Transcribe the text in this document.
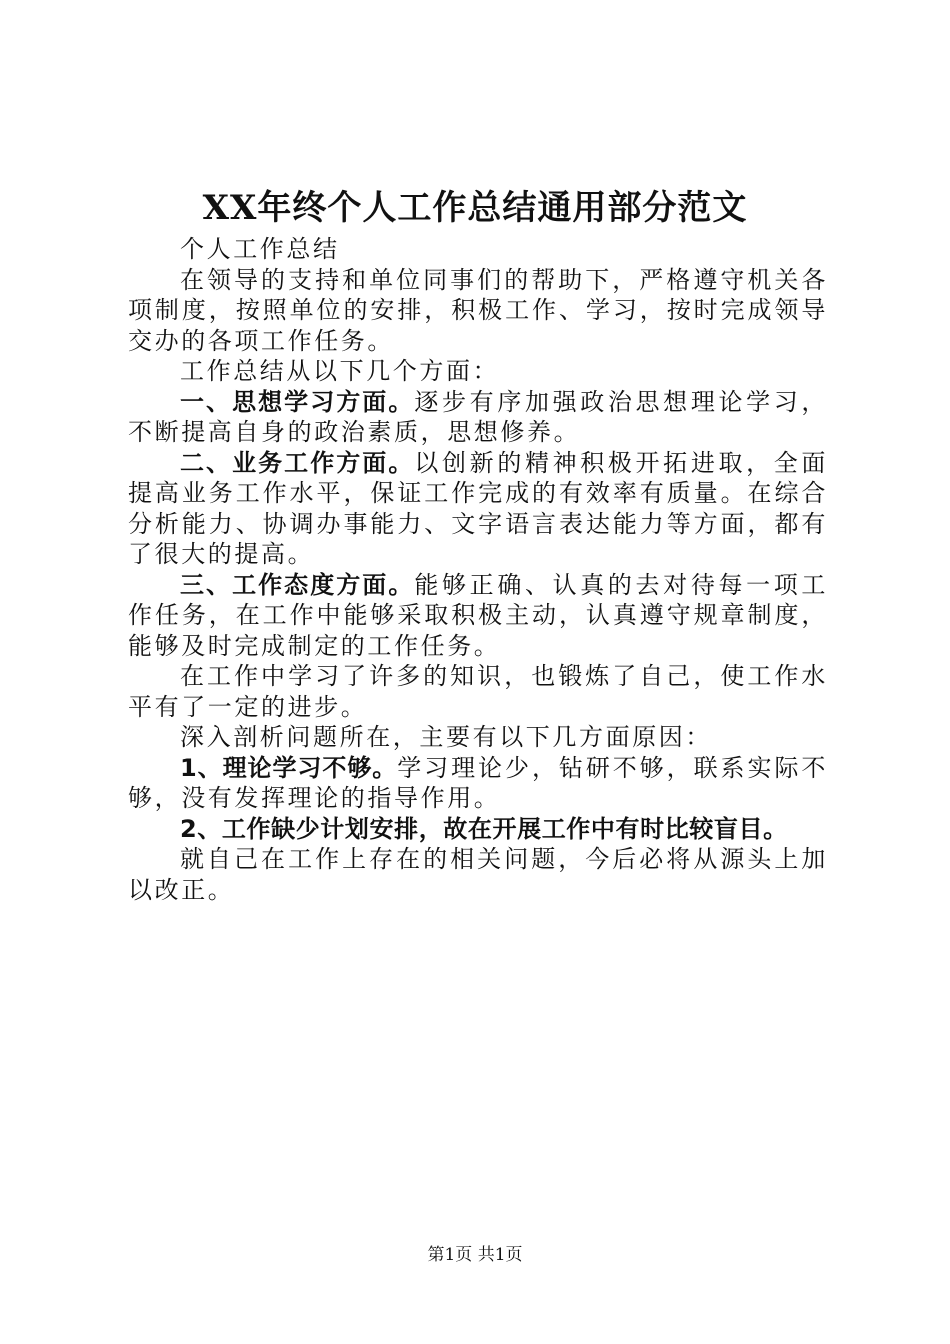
XX年终个人工作总结通用部分范文

个人工作总结

在领导的支持和单位同事们的帮助下，严格遵守机关各项制度，按照单位的安排，积极工作、学习，按时完成领导交办的各项工作任务。

工作总结从以下几个方面：

一、思想学习方面。逐步有序加强政治思想理论学习，不断提高自身的政治素质，思想修养。

二、业务工作方面。以创新的精神积极开拓进取，全面提高业务工作水平，保证工作完成的有效率有质量。在综合分析能力、协调办事能力、文字语言表达能力等方面，都有了很大的提高。

三、工作态度方面。能够正确、认真的去对待每一项工作任务，在工作中能够采取积极主动，认真遵守规章制度，能够及时完成制定的工作任务。

在工作中学习了许多的知识，也锻炼了自己，使工作水平有了一定的进步。

深入剖析问题所在，主要有以下几方面原因：

1、理论学习不够。学习理论少，钻研不够，联系实际不够，没有发挥理论的指导作用。

2、工作缺少计划安排，故在开展工作中有时比较盲目。

就自己在工作上存在的相关问题，今后必将从源头上加以改正。

第1页 共1页
